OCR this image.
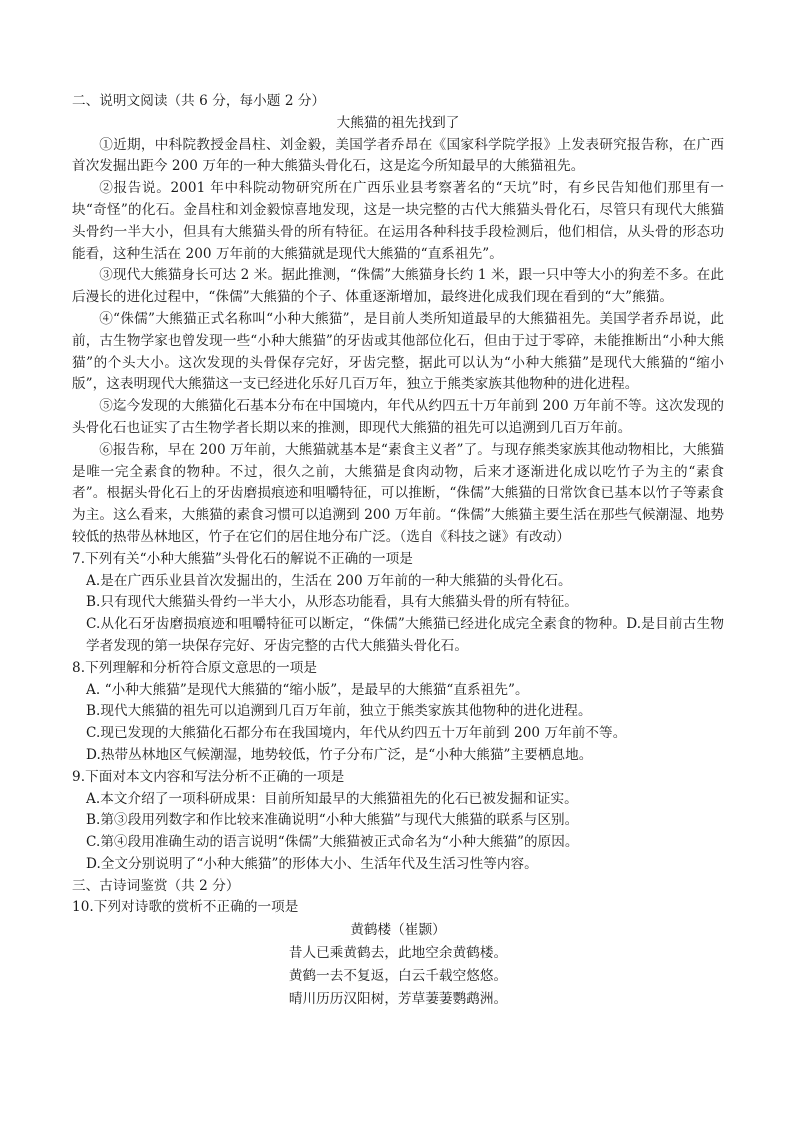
二、说明文阅读（共 6 分，每小题 2 分）

大熊猫的祖先找到了

①近期，中科院教授金昌柱、刘金毅，美国学者乔昂在《国家科学院学报》上发表研究报告称，在广西首次发掘出距今 200 万年的一种大熊猫头骨化石，这是迄今所知最早的大熊猫祖先。

②报告说。2001 年中科院动物研究所在广西乐业县考察著名的“天坑”时，有乡民告知他们那里有一块“奇怪”的化石。金昌柱和刘金毅惊喜地发现，这是一块完整的古代大熊猫头骨化石，尽管只有现代大熊猫头骨约一半大小，但具有大熊猫头骨的所有特征。在运用各种科技手段检测后，他们相信，从头骨的形态功能看，这种生活在 200 万年前的大熊猫就是现代大熊猫的“直系祖先”。

③现代大熊猫身长可达 2 米。据此推测，“侏儒”大熊猫身长约 1 米，跟一只中等大小的狗差不多。在此后漫长的进化过程中，“侏儒”大熊猫的个子、体重逐渐增加，最终进化成我们现在看到的“大”熊猫。

④“侏儒”大熊猫正式名称叫“小种大熊猫”，是目前人类所知道最早的大熊猫祖先。美国学者乔昂说，此前，古生物学家也曾发现一些“小种大熊猫”的牙齿或其他部位化石，但由于过于零碎，未能推断出“小种大熊猫”的个头大小。这次发现的头骨保存完好，牙齿完整，据此可以认为“小种大熊猫”是现代大熊猫的“缩小版”，这表明现代大熊猫这一支已经进化乐好几百万年，独立于熊类家族其他物种的进化进程。

⑤迄今发现的大熊猫化石基本分布在中国境内，年代从约四五十万年前到 200 万年前不等。这次发现的头骨化石也证实了古生物学者长期以来的推测，即现代大熊猫的祖先可以追溯到几百万年前。

⑥报告称，早在 200 万年前，大熊猫就基本是“素食主义者”了。与现存熊类家族其他动物相比，大熊猫是唯一完全素食的物种。不过，很久之前，大熊猫是食肉动物，后来才逐渐进化成以吃竹子为主的“素食者”。根据头骨化石上的牙齿磨损痕迹和咀嚼特征，可以推断，“侏儒”大熊猫的日常饮食已基本以竹子等素食为主。这么看来，大熊猫的素食习惯可以追溯到 200 万年前。“侏儒”大熊猫主要生活在那些气候潮湿、地势较低的热带丛林地区，竹子在它们的居住地分布广泛。（选自《科技之谜》有改动）

7.下列有关“小种大熊猫”头骨化石的解说不正确的一项是

A.是在广西乐业县首次发掘出的，生活在 200 万年前的一种大熊猫的头骨化石。

B.只有现代大熊猫头骨约一半大小，从形态功能看，具有大熊猫头骨的所有特征。

C.从化石牙齿磨损痕迹和咀嚼特征可以断定，“侏儒”大熊猫已经进化成完全素食的物种。D.是目前古生物学者发现的第一块保存完好、牙齿完整的古代大熊猫头骨化石。

8.下列理解和分析符合原文意思的一项是

A. “小种大熊猫”是现代大熊猫的“缩小版”，是最早的大熊猫“直系祖先”。

B.现代大熊猫的祖先可以追溯到几百万年前，独立于熊类家族其他物种的进化进程。

C.现已发现的大熊猫化石都分布在我国境内，年代从约四五十万年前到 200 万年前不等。

D.热带丛林地区气候潮湿，地势较低，竹子分布广泛，是“小种大熊猫”主要栖息地。

9.下面对本文内容和写法分析不正确的一项是

A.本文介绍了一项科研成果：目前所知最早的大熊猫祖先的化石已被发掘和证实。

B.第③段用列数字和作比较来准确说明“小种大熊猫”与现代大熊猫的联系与区别。

C.第④段用准确生动的语言说明“侏儒”大熊猫被正式命名为“小种大熊猫”的原因。

D.全文分别说明了“小种大熊猫”的形体大小、生活年代及生活习性等内容。

三、古诗词鉴赏（共 2 分）

10.下列对诗歌的赏析不正确的一项是

黄鹤楼（崔颢）

昔人已乘黄鹤去，此地空余黄鹤楼。

黄鹤一去不复返，白云千载空悠悠。

晴川历历汉阳树，芳草萋萋鹦鹉洲。
